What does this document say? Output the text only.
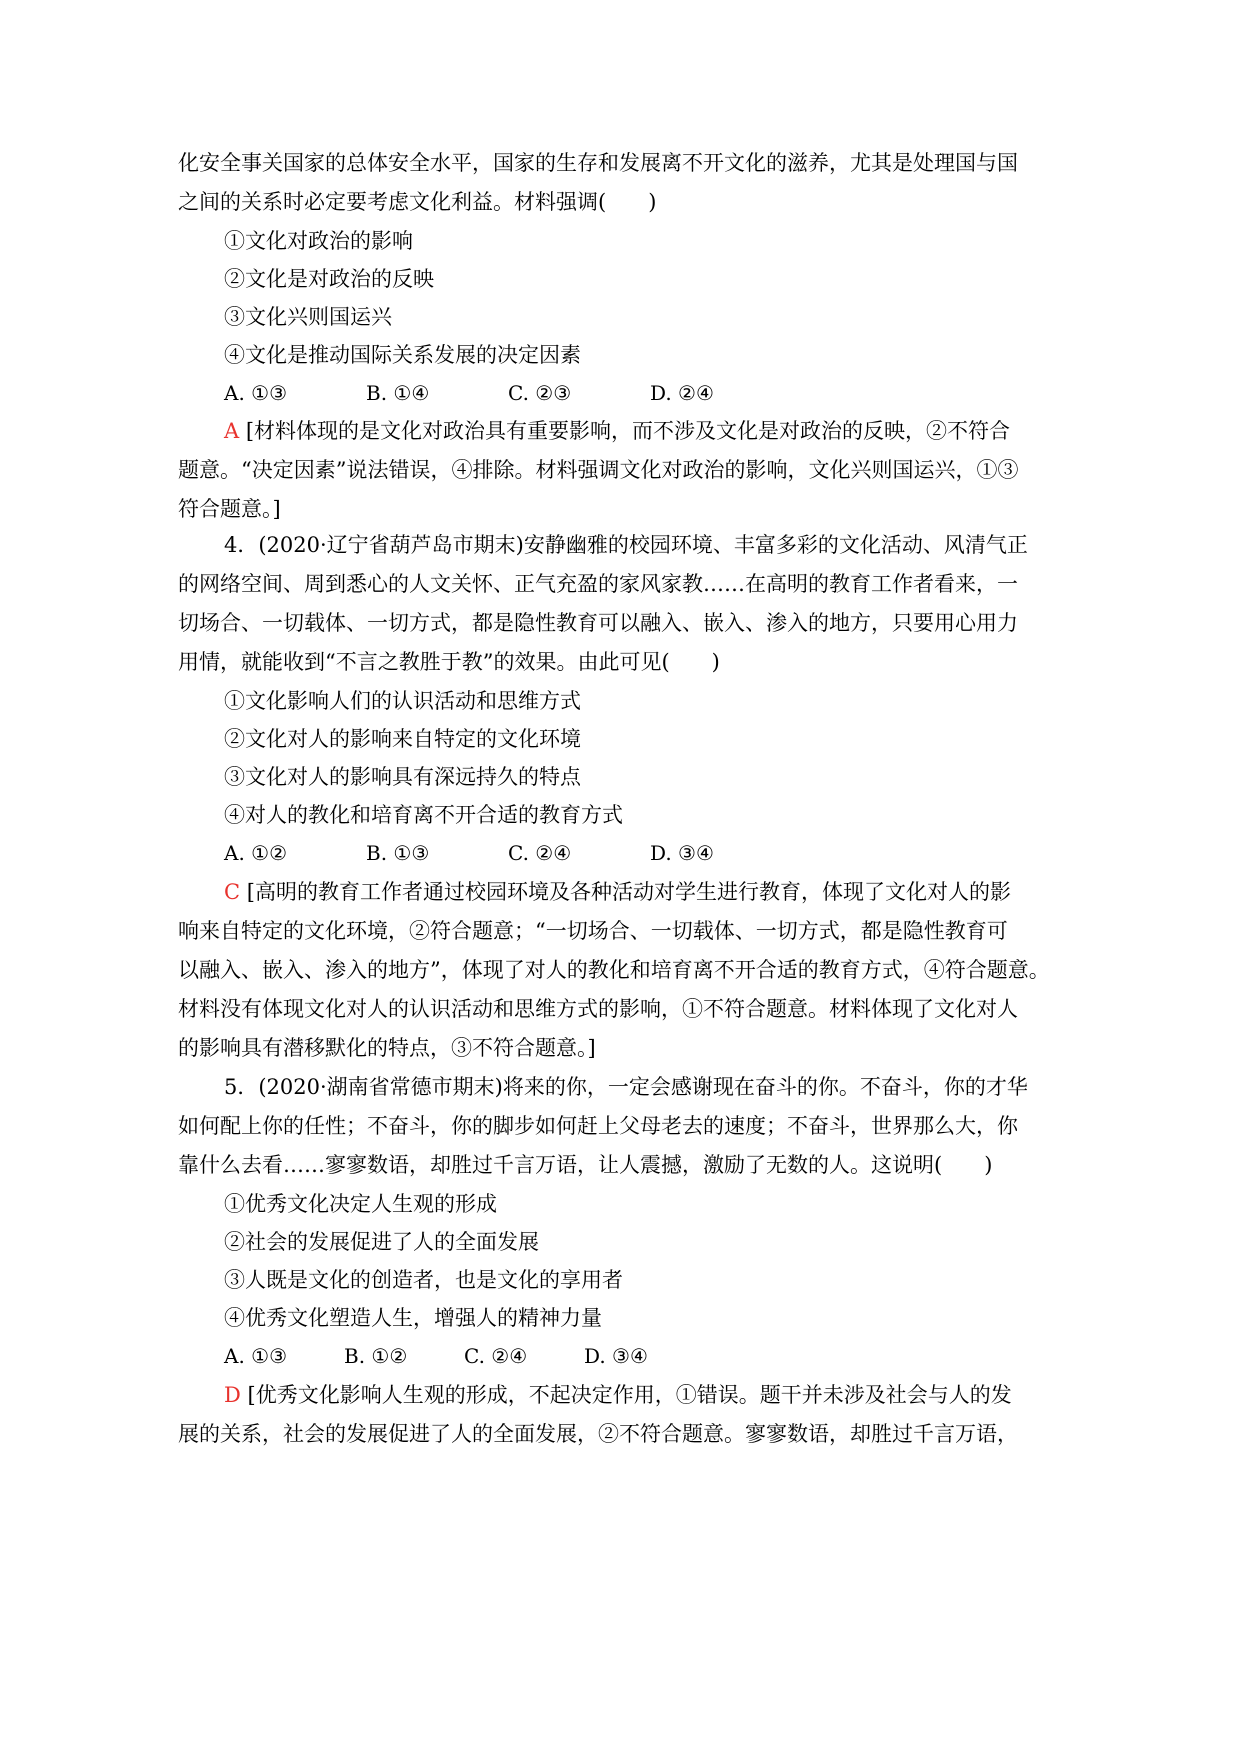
化安全事关国家的总体安全水平，国家的生存和发展离不开文化的滋养，尤其是处理国与国
之间的关系时必定要考虑文化利益。材料强调(　　)
①文化对政治的影响
②文化是对政治的反映
③文化兴则国运兴
④文化是推动国际关系发展的决定因素
A. ①③	B. ①④	C. ②③	D. ②④
A [材料体现的是文化对政治具有重要影响，而不涉及文化是对政治的反映，②不符合
题意。“决定因素”说法错误，④排除。材料强调文化对政治的影响，文化兴则国运兴，①③
符合题意。]
4．(2020·辽宁省葫芦岛市期末)安静幽雅的校园环境、丰富多彩的文化活动、风清气正
的网络空间、周到悉心的人文关怀、正气充盈的家风家教……在高明的教育工作者看来，一
切场合、一切载体、一切方式，都是隐性教育可以融入、嵌入、渗入的地方，只要用心用力
用情，就能收到“不言之教胜于教”的效果。由此可见(　　)
①文化影响人们的认识活动和思维方式
②文化对人的影响来自特定的文化环境
③文化对人的影响具有深远持久的特点
④对人的教化和培育离不开合适的教育方式
A. ①②	B. ①③	C. ②④	D. ③④
C [高明的教育工作者通过校园环境及各种活动对学生进行教育，体现了文化对人的影
响来自特定的文化环境，②符合题意；“一切场合、一切载体、一切方式，都是隐性教育可
以融入、嵌入、渗入的地方”，体现了对人的教化和培育离不开合适的教育方式，④符合题意。
材料没有体现文化对人的认识活动和思维方式的影响，①不符合题意。材料体现了文化对人
的影响具有潜移默化的特点，③不符合题意。]
5．(2020·湖南省常德市期末)将来的你，一定会感谢现在奋斗的你。不奋斗，你的才华
如何配上你的任性；不奋斗，你的脚步如何赶上父母老去的速度；不奋斗，世界那么大，你
靠什么去看……寥寥数语，却胜过千言万语，让人震撼，激励了无数的人。这说明(　　)
①优秀文化决定人生观的形成
②社会的发展促进了人的全面发展
③人既是文化的创造者，也是文化的享用者
④优秀文化塑造人生，增强人的精神力量
A. ①③	B. ①②	C. ②④	D. ③④
D [优秀文化影响人生观的形成，不起决定作用，①错误。题干并未涉及社会与人的发
展的关系，社会的发展促进了人的全面发展，②不符合题意。寥寥数语，却胜过千言万语，
